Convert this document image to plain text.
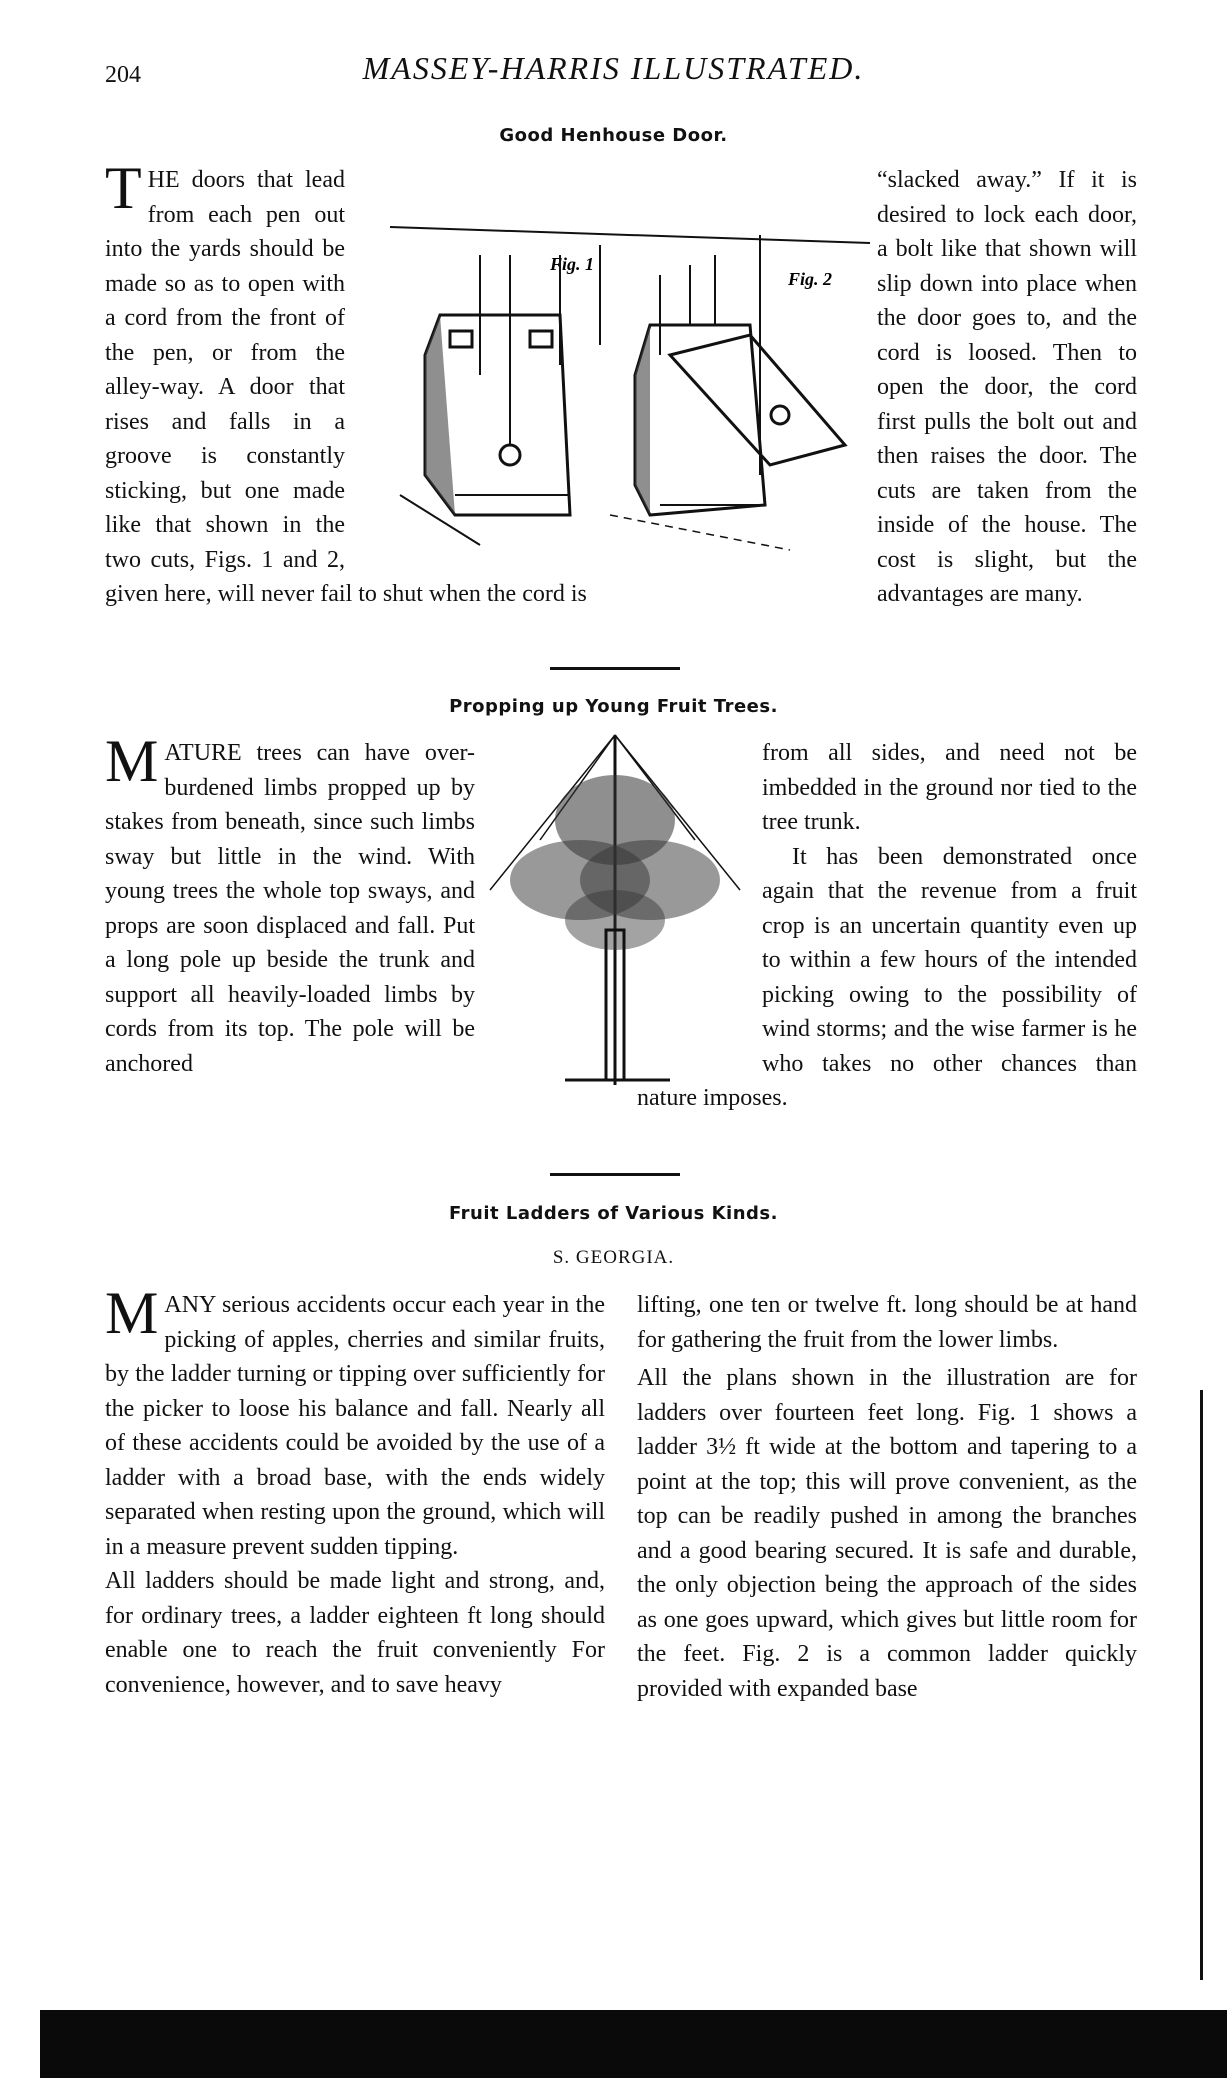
204	MASSEY-HARRIS ILLUSTRATED.
Good Henhouse Door.
Fig. 1
Fig. 2
THE doors that lead from each pen out into the yards should be made so as to open with a cord from the front of the pen, or from the alley-way. A door that rises and falls in a groove is constantly sticking, but one made like that shown in the two cuts, Figs. 1 and 2, given here, will never fail to shut when the cord is
“slacked away.” If it is desired to lock each door, a bolt like that shown will slip down into place when the door goes to, and the cord is loosed. Then to open the door, the cord first pulls the bolt out and then raises the door. The cuts are taken from the inside of the house. The cost is slight, but the advantages are many.
Propping up Young Fruit Trees.
MATURE trees can have over-burdened limbs propped up by stakes from beneath, since such limbs sway but little in the wind. With young trees the whole top sways, and props are soon displaced and fall. Put a long pole up beside the trunk and support all heavily-loaded limbs by cords from its top. The pole will be anchored
from all sides, and need not be imbedded in the ground nor tied to the tree trunk.
It has been demonstrated once again that the revenue from a fruit crop is an uncertain quantity even up to within a few hours of the intended picking owing to the possibility of wind storms; and the wise farmer is he who takes no other chances than nature imposes.
Fruit Ladders of Various Kinds.
S. GEORGIA.
MANY serious accidents occur each year in the picking of apples, cherries and similar fruits, by the ladder turning or tipping over sufficiently for the picker to loose his balance and fall. Nearly all of these accidents could be avoided by the use of a ladder with a broad base, with the ends widely separated when resting upon the ground, which will in a measure prevent sudden tipping.

All ladders should be made light and strong, and, for ordinary trees, a ladder eighteen ft long should enable one to reach the fruit conveniently For convenience, however, and to save heavy

lifting, one ten or twelve ft. long should be at hand for gathering the fruit from the lower limbs.

All the plans shown in the illustration are for ladders over fourteen feet long. Fig. 1 shows a ladder 3½ ft wide at the bottom and tapering to a point at the top; this will prove convenient, as the top can be readily pushed in among the branches and a good bearing secured. It is safe and durable, the only objection being the approach of the sides as one goes upward, which gives but little room for the feet. Fig. 2 is a common ladder quickly provided with expanded base
